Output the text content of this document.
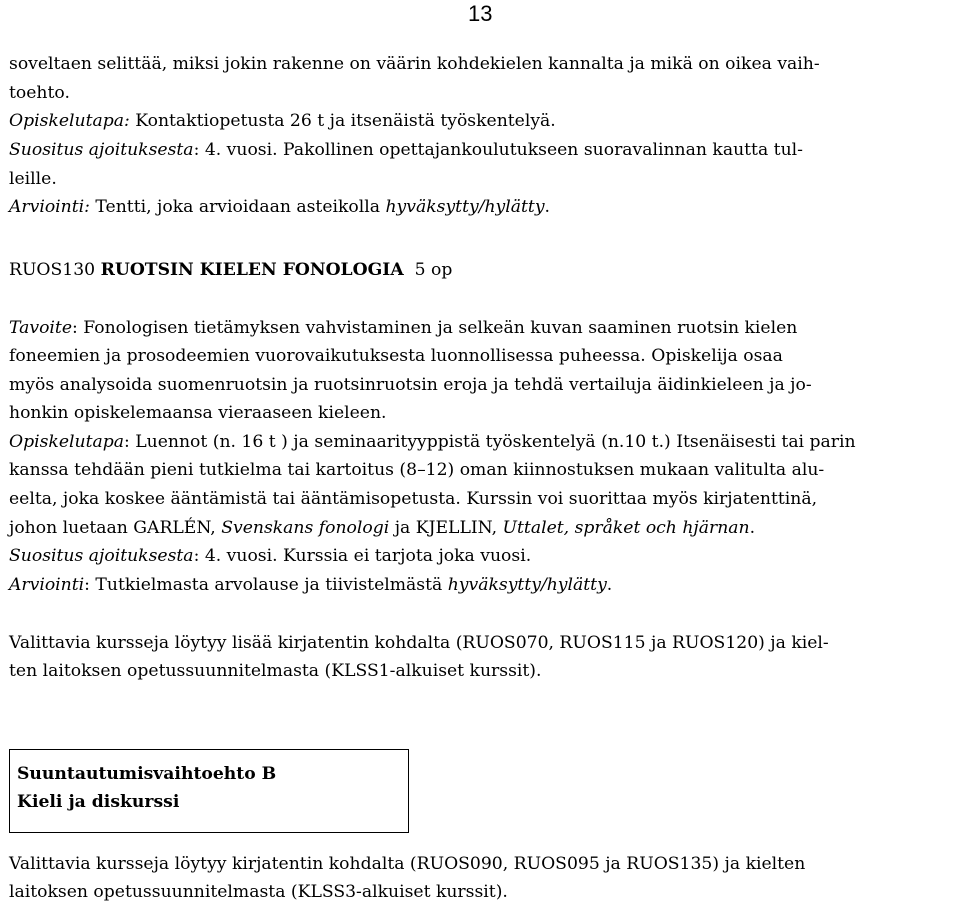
13
soveltaen selittää, miksi jokin rakenne on väärin kohdekielen kannalta ja mikä on oikea vaih-
toehto.
Opiskelutapa: Kontaktiopetusta 26 t ja itsenäistä työskentelyä.
Suositus ajoituksesta: 4. vuosi. Pakollinen opettajankoulutukseen suoravalinnan kautta tul-
leille.
Arviointi: Tentti, joka arvioidaan asteikolla hyväksytty/hylätty.
RUOS130 RUOTSIN KIELEN FONOLOGIA  5 op
Tavoite: Fonologisen tietämyksen vahvistaminen ja selkeän kuvan saaminen ruotsin kielen
foneemien ja prosodeemien vuorovaikutuksesta luonnollisessa puheessa. Opiskelija osaa
myös analysoida suomenruotsin ja ruotsinruotsin eroja ja tehdä vertailuja äidinkieleen ja jo-
honkin opiskelemaansa vieraaseen kieleen.
Opiskelutapa: Luennot (n. 16 t ) ja seminaarityyppistä työskentelyä (n.10 t.) Itsenäisesti tai parin
kanssa tehdään pieni tutkielma tai kartoitus (8–12) oman kiinnostuksen mukaan valitulta alu-
eelta, joka koskee ääntämistä tai ääntämisopetusta. Kurssin voi suorittaa myös kirjatenttinä,
johon luetaan GARLÉN, Svenskans fonologi ja KJELLIN, Uttalet, språket och hjärnan.
Suositus ajoituksesta: 4. vuosi. Kurssia ei tarjota joka vuosi.
Arviointi: Tutkielmasta arvolause ja tiivistelmästä hyväksytty/hylätty.
Valittavia kursseja löytyy lisää kirjatentin kohdalta (RUOS070, RUOS115 ja RUOS120) ja kiel-
ten laitoksen opetussuunnitelmasta (KLSS1-alkuiset kurssit).
Suuntautumisvaihtoehto B
Kieli ja diskurssi
Valittavia kursseja löytyy kirjatentin kohdalta (RUOS090, RUOS095 ja RUOS135) ja kielten
laitoksen opetussuunnitelmasta (KLSS3-alkuiset kurssit).
